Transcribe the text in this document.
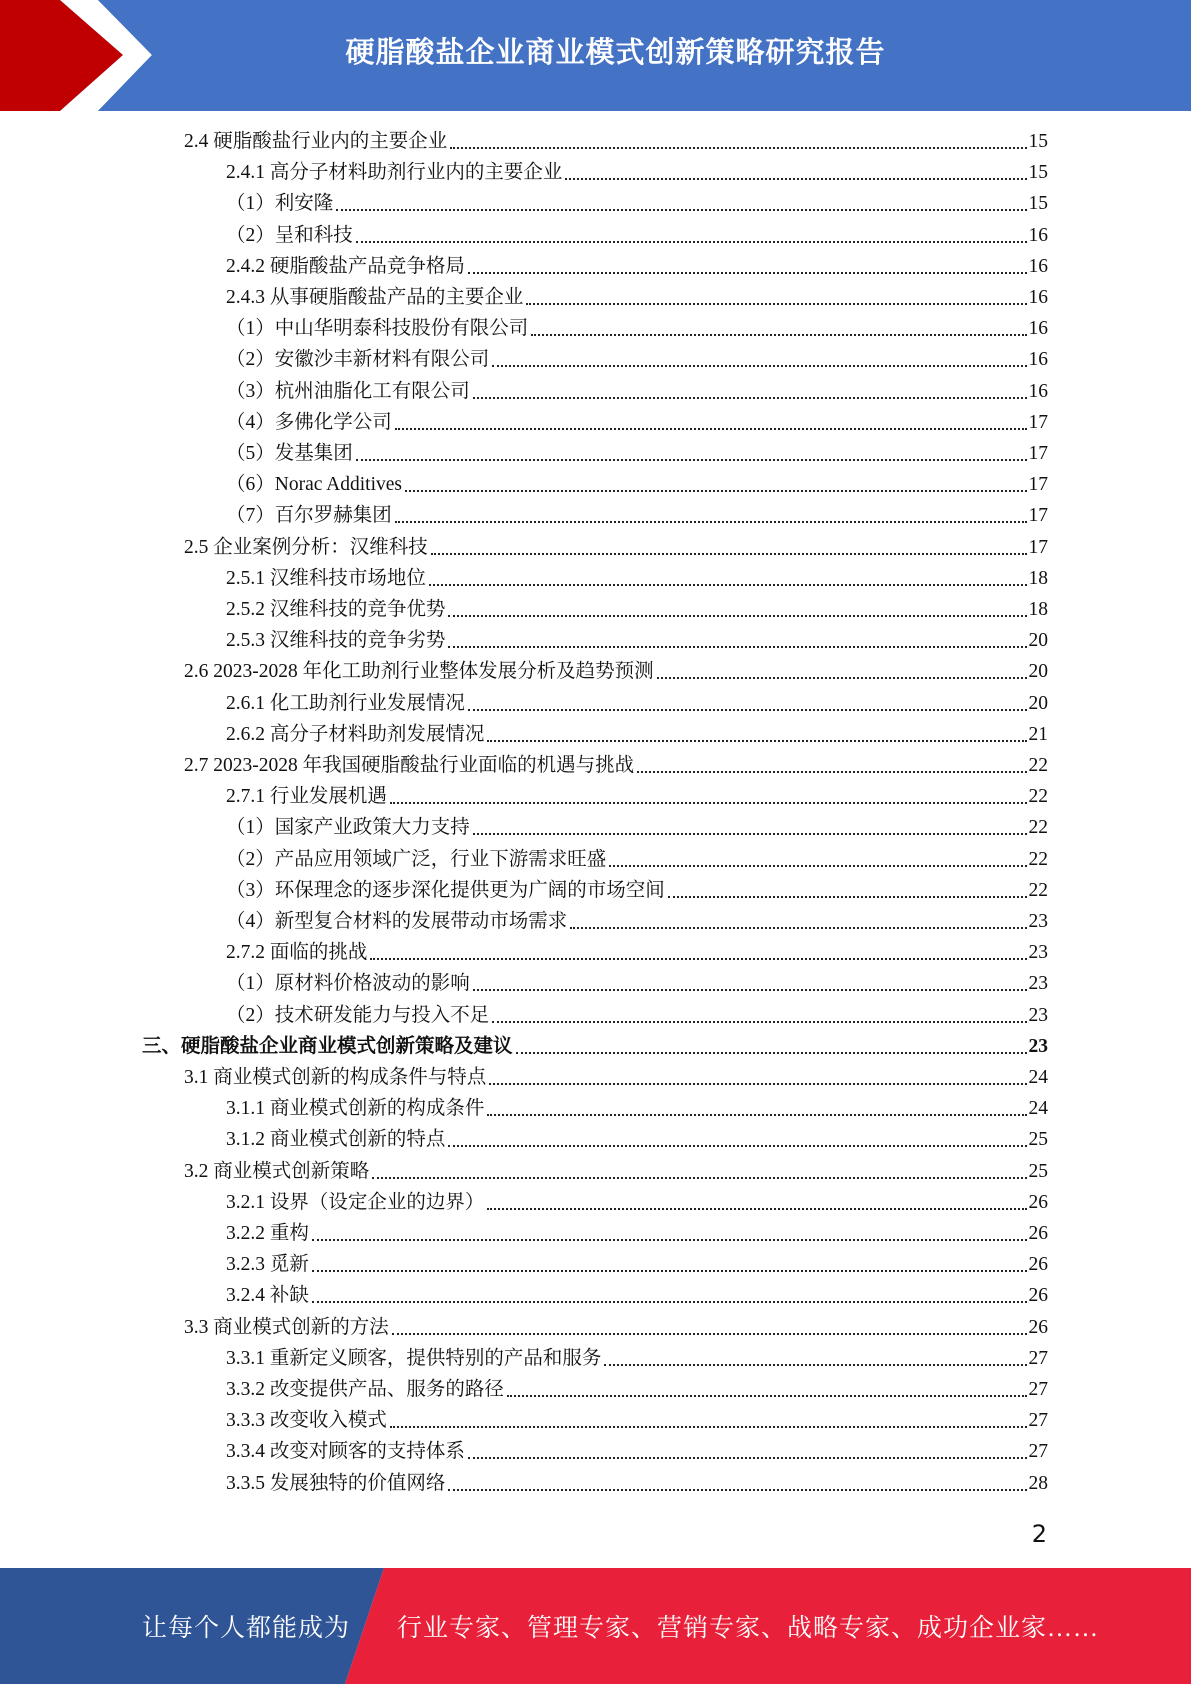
硬脂酸盐企业商业模式创新策略研究报告
2.4 硬脂酸盐行业内的主要企业	15
2.4.1 高分子材料助剂行业内的主要企业	15
（1）利安隆	15
（2）呈和科技	16
2.4.2 硬脂酸盐产品竞争格局	16
2.4.3 从事硬脂酸盐产品的主要企业	16
（1）中山华明泰科技股份有限公司	16
（2）安徽沙丰新材料有限公司	16
（3）杭州油脂化工有限公司	16
（4）多佛化学公司	17
（5）发基集团	17
（6）Norac Additives	17
（7）百尔罗赫集团	17
2.5 企业案例分析：汉维科技	17
2.5.1 汉维科技市场地位	18
2.5.2 汉维科技的竞争优势	18
2.5.3 汉维科技的竞争劣势	20
2.6 2023-2028 年化工助剂行业整体发展分析及趋势预测	20
2.6.1 化工助剂行业发展情况	20
2.6.2 高分子材料助剂发展情况	21
2.7 2023-2028 年我国硬脂酸盐行业面临的机遇与挑战	22
2.7.1 行业发展机遇	22
（1）国家产业政策大力支持	22
（2）产品应用领域广泛，行业下游需求旺盛	22
（3）环保理念的逐步深化提供更为广阔的市场空间	22
（4）新型复合材料的发展带动市场需求	23
2.7.2 面临的挑战	23
（1）原材料价格波动的影响	23
（2）技术研发能力与投入不足	23
三、硬脂酸盐企业商业模式创新策略及建议	23
3.1 商业模式创新的构成条件与特点	24
3.1.1 商业模式创新的构成条件	24
3.1.2 商业模式创新的特点	25
3.2 商业模式创新策略	25
3.2.1 设界（设定企业的边界）	26
3.2.2 重构	26
3.2.3 觅新	26
3.2.4 补缺	26
3.3 商业模式创新的方法	26
3.3.1 重新定义顾客，提供特别的产品和服务	27
3.3.2 改变提供产品、服务的路径	27
3.3.3 改变收入模式	27
3.3.4 改变对顾客的支持体系	27
3.3.5 发展独特的价值网络	28
2
让每个人都能成为 行业专家、管理专家、营销专家、战略专家、成功企业家……
